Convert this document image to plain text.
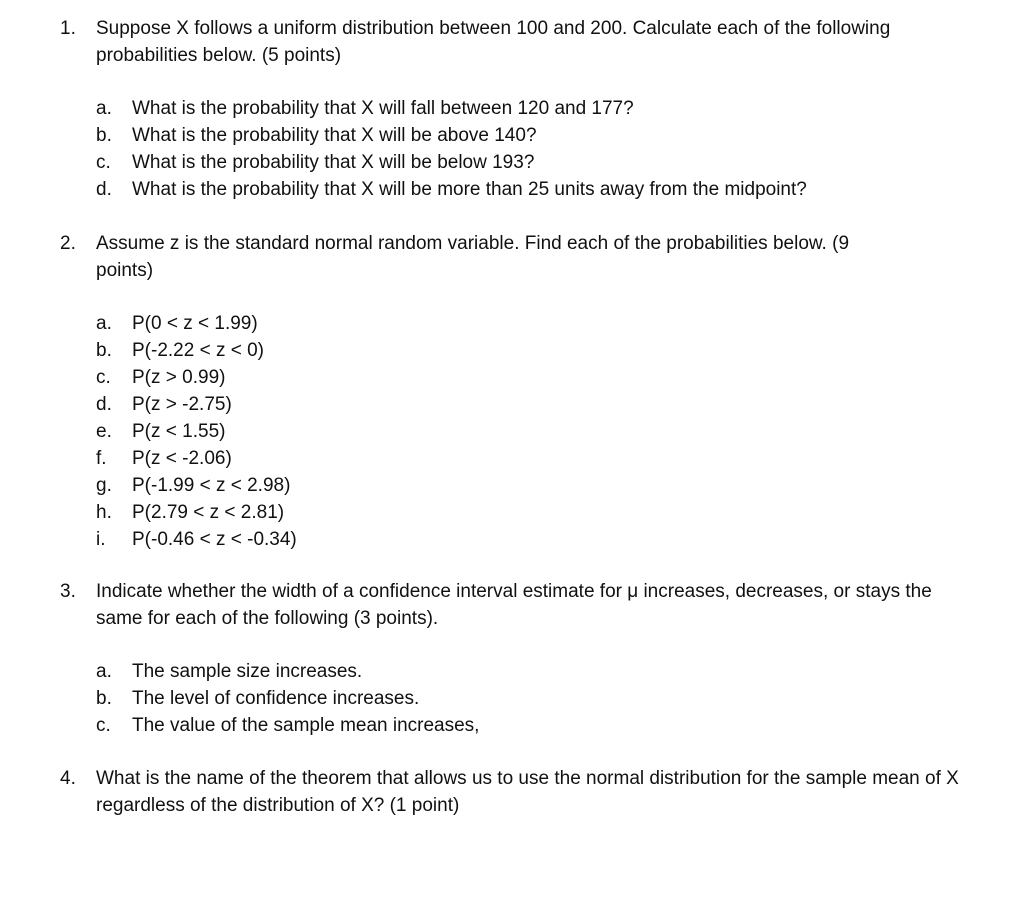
1. Suppose X follows a uniform distribution between 100 and 200. Calculate each of the following probabilities below. (5 points)
a. What is the probability that X will fall between 120 and 177?
b. What is the probability that X will be above 140?
c. What is the probability that X will be below 193?
d. What is the probability that X will be more than 25 units away from the midpoint?
2. Assume z is the standard normal random variable. Find each of the probabilities below. (9 points)
a. P(0 < z < 1.99)
b. P(-2.22 < z < 0)
c. P(z > 0.99)
d. P(z > -2.75)
e. P(z < 1.55)
f. P(z < -2.06)
g. P(-1.99 < z < 2.98)
h. P(2.79 < z < 2.81)
i. P(-0.46 < z < -0.34)
3. Indicate whether the width of a confidence interval estimate for μ increases, decreases, or stays the same for each of the following (3 points).
a. The sample size increases.
b. The level of confidence increases.
c. The value of the sample mean increases,
4. What is the name of the theorem that allows us to use the normal distribution for the sample mean of X regardless of the distribution of X? (1 point)
